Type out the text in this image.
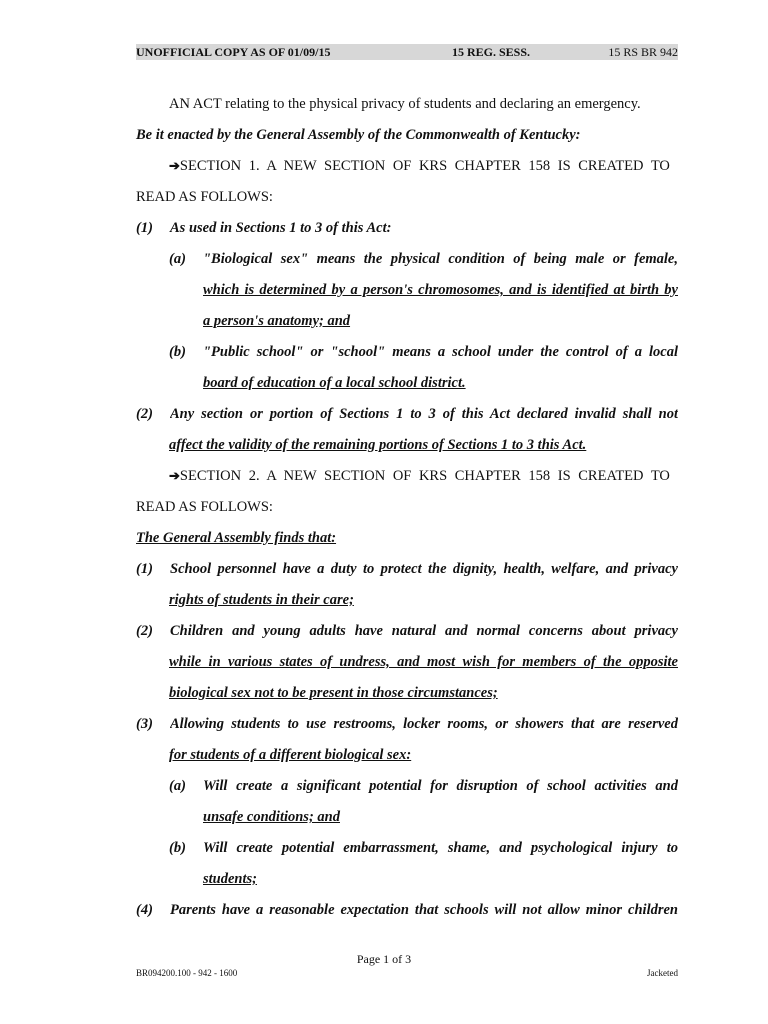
UNOFFICIAL COPY AS OF 01/09/15	15 REG. SESS.	15 RS BR 942
AN ACT relating to the physical privacy of students and declaring an emergency.
Be it enacted by the General Assembly of the Commonwealth of Kentucky:
➔SECTION 1. A NEW SECTION OF KRS CHAPTER 158 IS CREATED TO
READ AS FOLLOWS:
(1) As used in Sections 1 to 3 of this Act:
(a) "Biological sex" means the physical condition of being male or female,
which is determined by a person's chromosomes, and is identified at birth by
a person's anatomy; and
(b) "Public school" or "school" means a school under the control of a local
board of education of a local school district.
(2) Any section or portion of Sections 1 to 3 of this Act declared invalid shall not
affect the validity of the remaining portions of Sections 1 to 3 this Act.
➔SECTION 2. A NEW SECTION OF KRS CHAPTER 158 IS CREATED TO
READ AS FOLLOWS:
The General Assembly finds that:
(1) School personnel have a duty to protect the dignity, health, welfare, and privacy
rights of students in their care;
(2) Children and young adults have natural and normal concerns about privacy
while in various states of undress, and most wish for members of the opposite
biological sex not to be present in those circumstances;
(3) Allowing students to use restrooms, locker rooms, or showers that are reserved
for students of a different biological sex:
(a) Will create a significant potential for disruption of school activities and
unsafe conditions; and
(b) Will create potential embarrassment, shame, and psychological injury to
students;
(4) Parents have a reasonable expectation that schools will not allow minor children
Page 1 of 3
BR094200.100 - 942 - 1600	Jacketed
